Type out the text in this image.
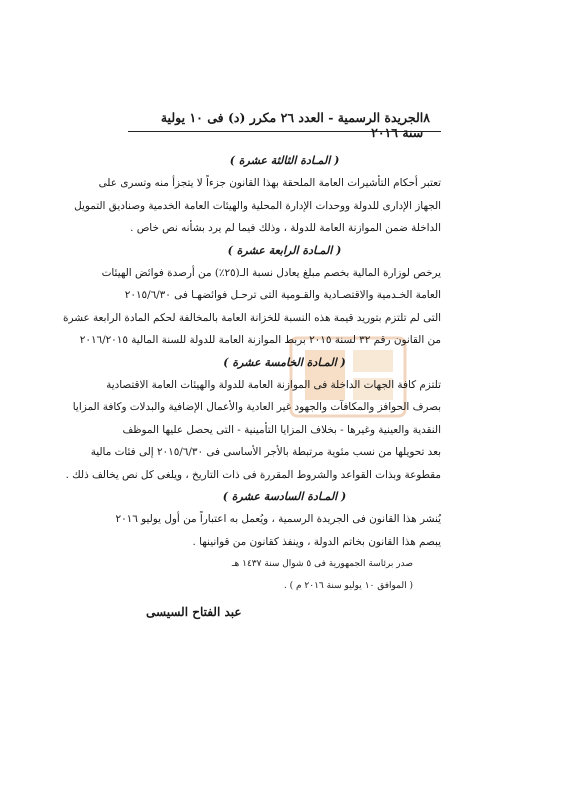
٨
الجريدة الرسمية - العدد ٢٦ مكرر (د) فى ١٠ يولية سنة ٢٠١٦
( المـادة الثالثة عشرة )
تعتبر أحكام التأشيرات العامة الملحقة بهذا القانون جزءاً لا يتجزأ منه وتسرى على
الجهاز الإدارى للدولة ووحدات الإدارة المحلية والهيئات العامة الخدمية وصناديق التمويل
الداخلة ضمن الموازنة العامة للدولة ، وذلك فيما لم يرد بشأنه نص خاص .
( المـادة الرابعة عشرة )
يرخص لوزارة المالية بخصم مبلغ يعادل نسبة الـ(٢٥٪) من أرصدة فوائض الهيئات
العامة الخـدمية والاقتصـادية والقـومية التى ترحـل فوائضهـا فى ٢٠١٥/٦/٣٠
التى لم تلتزم بتوريد قيمة هذه النسبة للخزانة العامة بالمخالفة لحكم المادة الرابعة عشرة
من القانون رقم ٣٢ لسنة ٢٠١٥ بربط الموازنة العامة للدولة للسنة المالية ٢٠١٦/٢٠١٥
( المـادة الخامسة عشرة )
تلتزم كافة الجهات الداخلة فى الموازنة العامة للدولة والهيئات العامة الاقتصادية
بصرف الحوافز والمكافآت والجهود غير العادية والأعمال الإضافية والبدلات وكافة المزايا
النقدية والعينية وغيرها - بخلاف المزايا التأمينية - التى يحصل عليها الموظف
بعد تحويلها من نسب مئوية مرتبطة بالأجر الأساسى فى ٢٠١٥/٦/٣٠ إلى فئات مالية
مقطوعة وبذات القواعد والشروط المقررة فى ذات التاريخ ، ويلغى كل نص يخالف ذلك .
( المـادة السادسة عشرة )
يُنشر هذا القانون فى الجريدة الرسمية ، ويُعمل به اعتباراً من أول يوليو ٢٠١٦
يبصم هذا القانون بخاتم الدولة ، وينفذ كقانون من قوانينها .
صدر برئاسة الجمهورية فى ٥ شوال سنة ١٤٣٧ هـ
( الموافق ١٠ يوليو سنة ٢٠١٦ م ) .
عبد الفتاح السيسى
